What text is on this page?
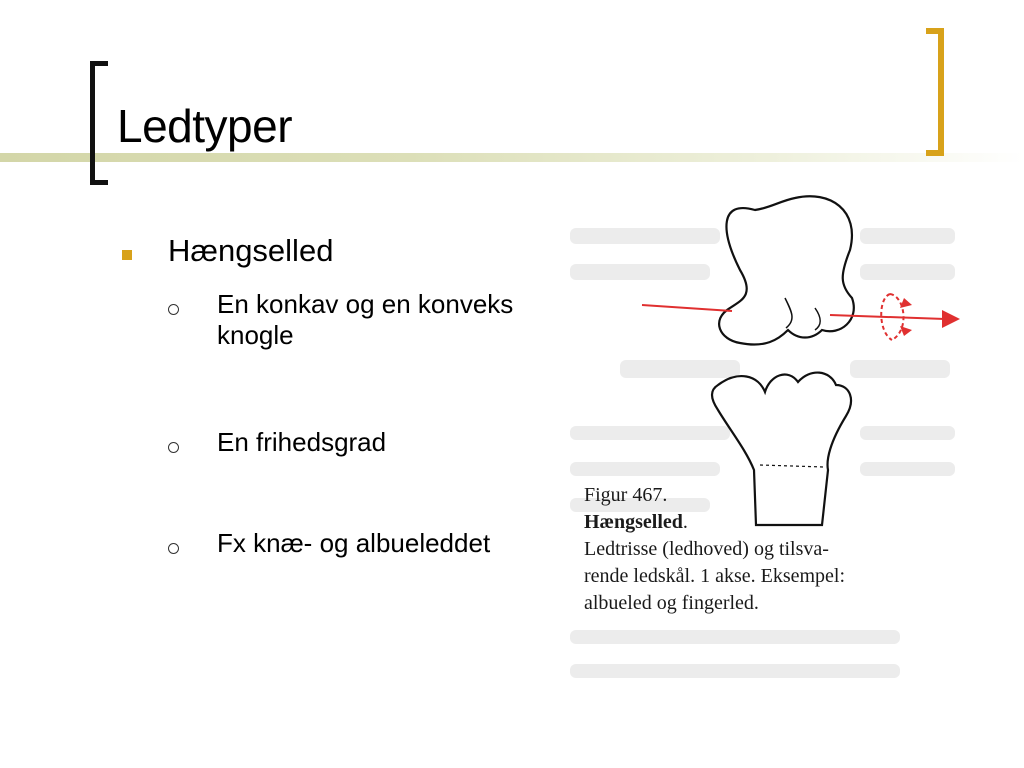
Ledtyper
Hængselled
En konkav og en konveks knogle
En frihedsgrad
Fx knæ- og albueleddet
Figur 467.
Hængselled.
Ledtrisse (ledhoved) og tilsva-
rende ledskål. 1 akse. Eksempel:
albueled og fingerled.
